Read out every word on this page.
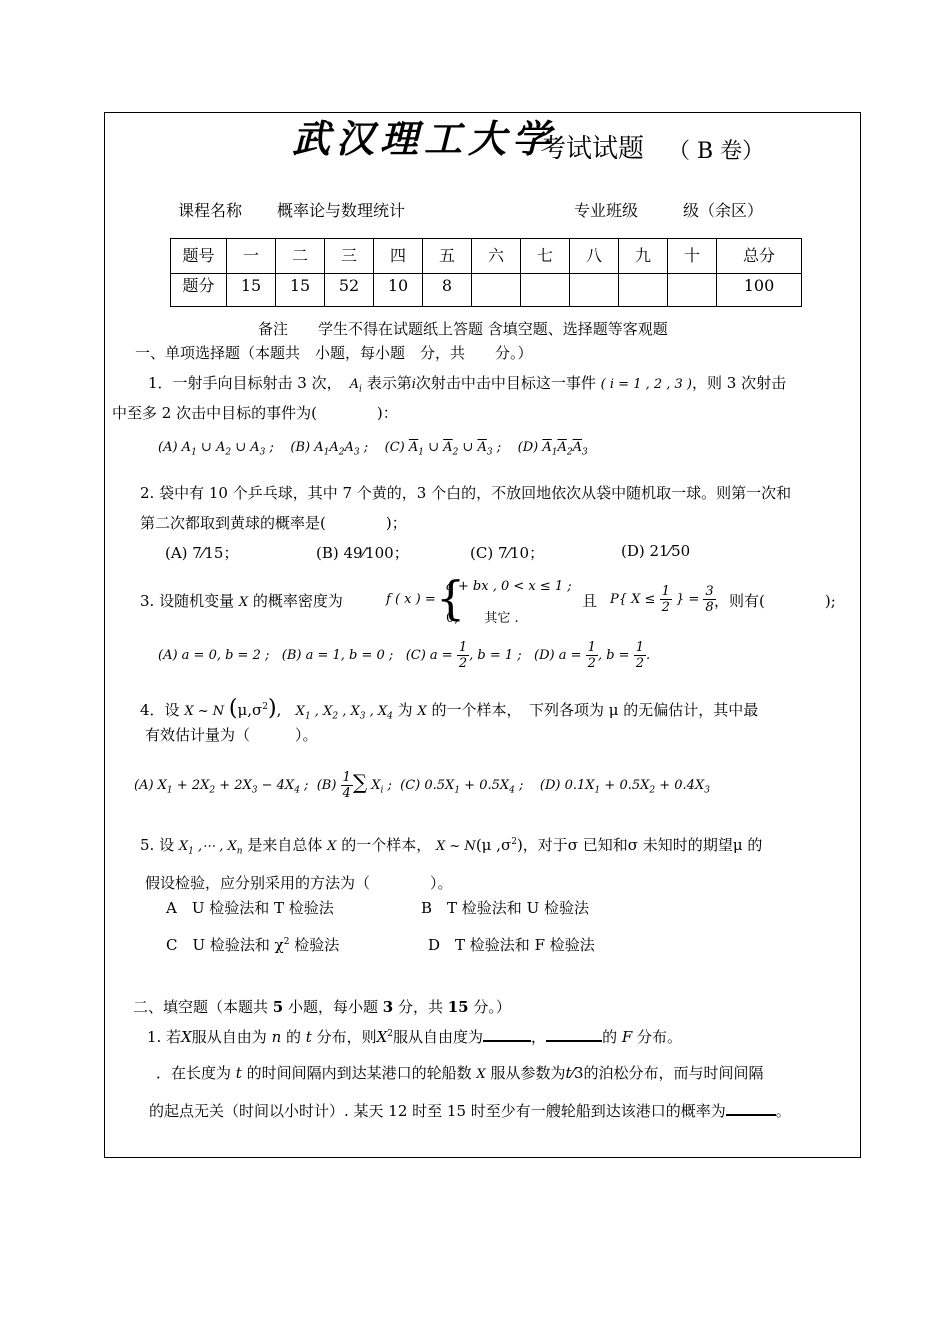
武汉理工大学
考试试题 （ B 卷）
课程名称 概率论与数理统计	专业班级	级（余区）
题号	一	二	三	四	五	六	七	八	九	十	总分
题分	15	15	52	10	8						100
备注　　学生不得在试题纸上答题 含填空题、选择题等客观题
一、单项选择题（本题共　小题，每小题　分，共　　分。）
1．一射手向目标射击 3 次， $A_i$ 表示第i次射击中击中目标这一事件 ( i = 1 , 2 , 3 )，则 3 次射击
中至多 2 次击中目标的事件为(　　　　)：
(A) $A_1$ ∪ $A_2$ ∪ $A_3$ ;    (B) $A_1A_2A_3$ ;    (C) $\overline{A}_1$ ∪ $\overline{A}_2$ ∪ $\overline{A}_3$ ;    (D) $\overline{A}_1\overline{A}_2\overline{A}_3$
2. 袋中有 10 个乒乓球，其中 7 个黄的，3 个白的，不放回地依次从袋中随机取一球。则第一次和
第二次都取到黄球的概率是(　　　　)；
(A) 7⁄15；	(B) 49⁄100；	(C) 7⁄10；	(D) 21⁄50
3. 设随机变量 X 的概率密度为	f ( x ) = {
a + bx , 0 < x ≤ 1 ;
0,　　其它 .
且 P{ $X \le \frac{1}{2}$ } = $\frac{3}{8}$
，则有(　　　　);
(A) a = 0, b = 2 ;   (B) a = 1, b = 0 ;   (C) $a = \frac{1}{2}$ , b = 1 ;   (D) $a = \frac{1}{2}$ , $b = \frac{1}{2}$ .
4．设 X ~ N $(\mu,\sigma^2)$,   $X_1$ , $X_2$ , $X_3$ , $X_4$ 为 X 的一个样本，　下列各项为 μ 的无偏估计，其中最
有效估计量为（　　　）。
(A) $X_1 + 2X_2 + 2X_3 - 4X_4$ ;  $(B) \frac{1}{4}$ ∑ $X_i$ ;  (C) $0.5X_1 + 0.5X_4$ ;    (D) $0.1X_1 + 0.5X_2 + 0.4X_3$
5. 设 $X_1$ ,⋯ , $X_n$ 是来自总体 X 的一个样本， X ~ N(μ $,\sigma^2$)，对于σ 已知和σ 未知时的期望μ 的
假设检验，应分别采用的方法为（　　　　）。
A　U 检验法和 T 检验法	B　T 检验法和 U 检验法
C　U 检验法和 $\chi^2$ 检验法	D　T 检验法和 F 检验法
二、填空题（本题共 5 小题，每小题 3 分，共 15 分。）
1. 若X服从自由为 n 的 t 分布，则$X^2$服从自由度为	，	的 F 分布。
．在长度为 t 的时间间隔内到达某港口的轮船数 X 服从参数为t⁄3的泊松分布，而与时间间隔
的起点无关（时间以小时计）. 某天 12 时至 15 时至少有一艘轮船到达该港口的概率为	。
